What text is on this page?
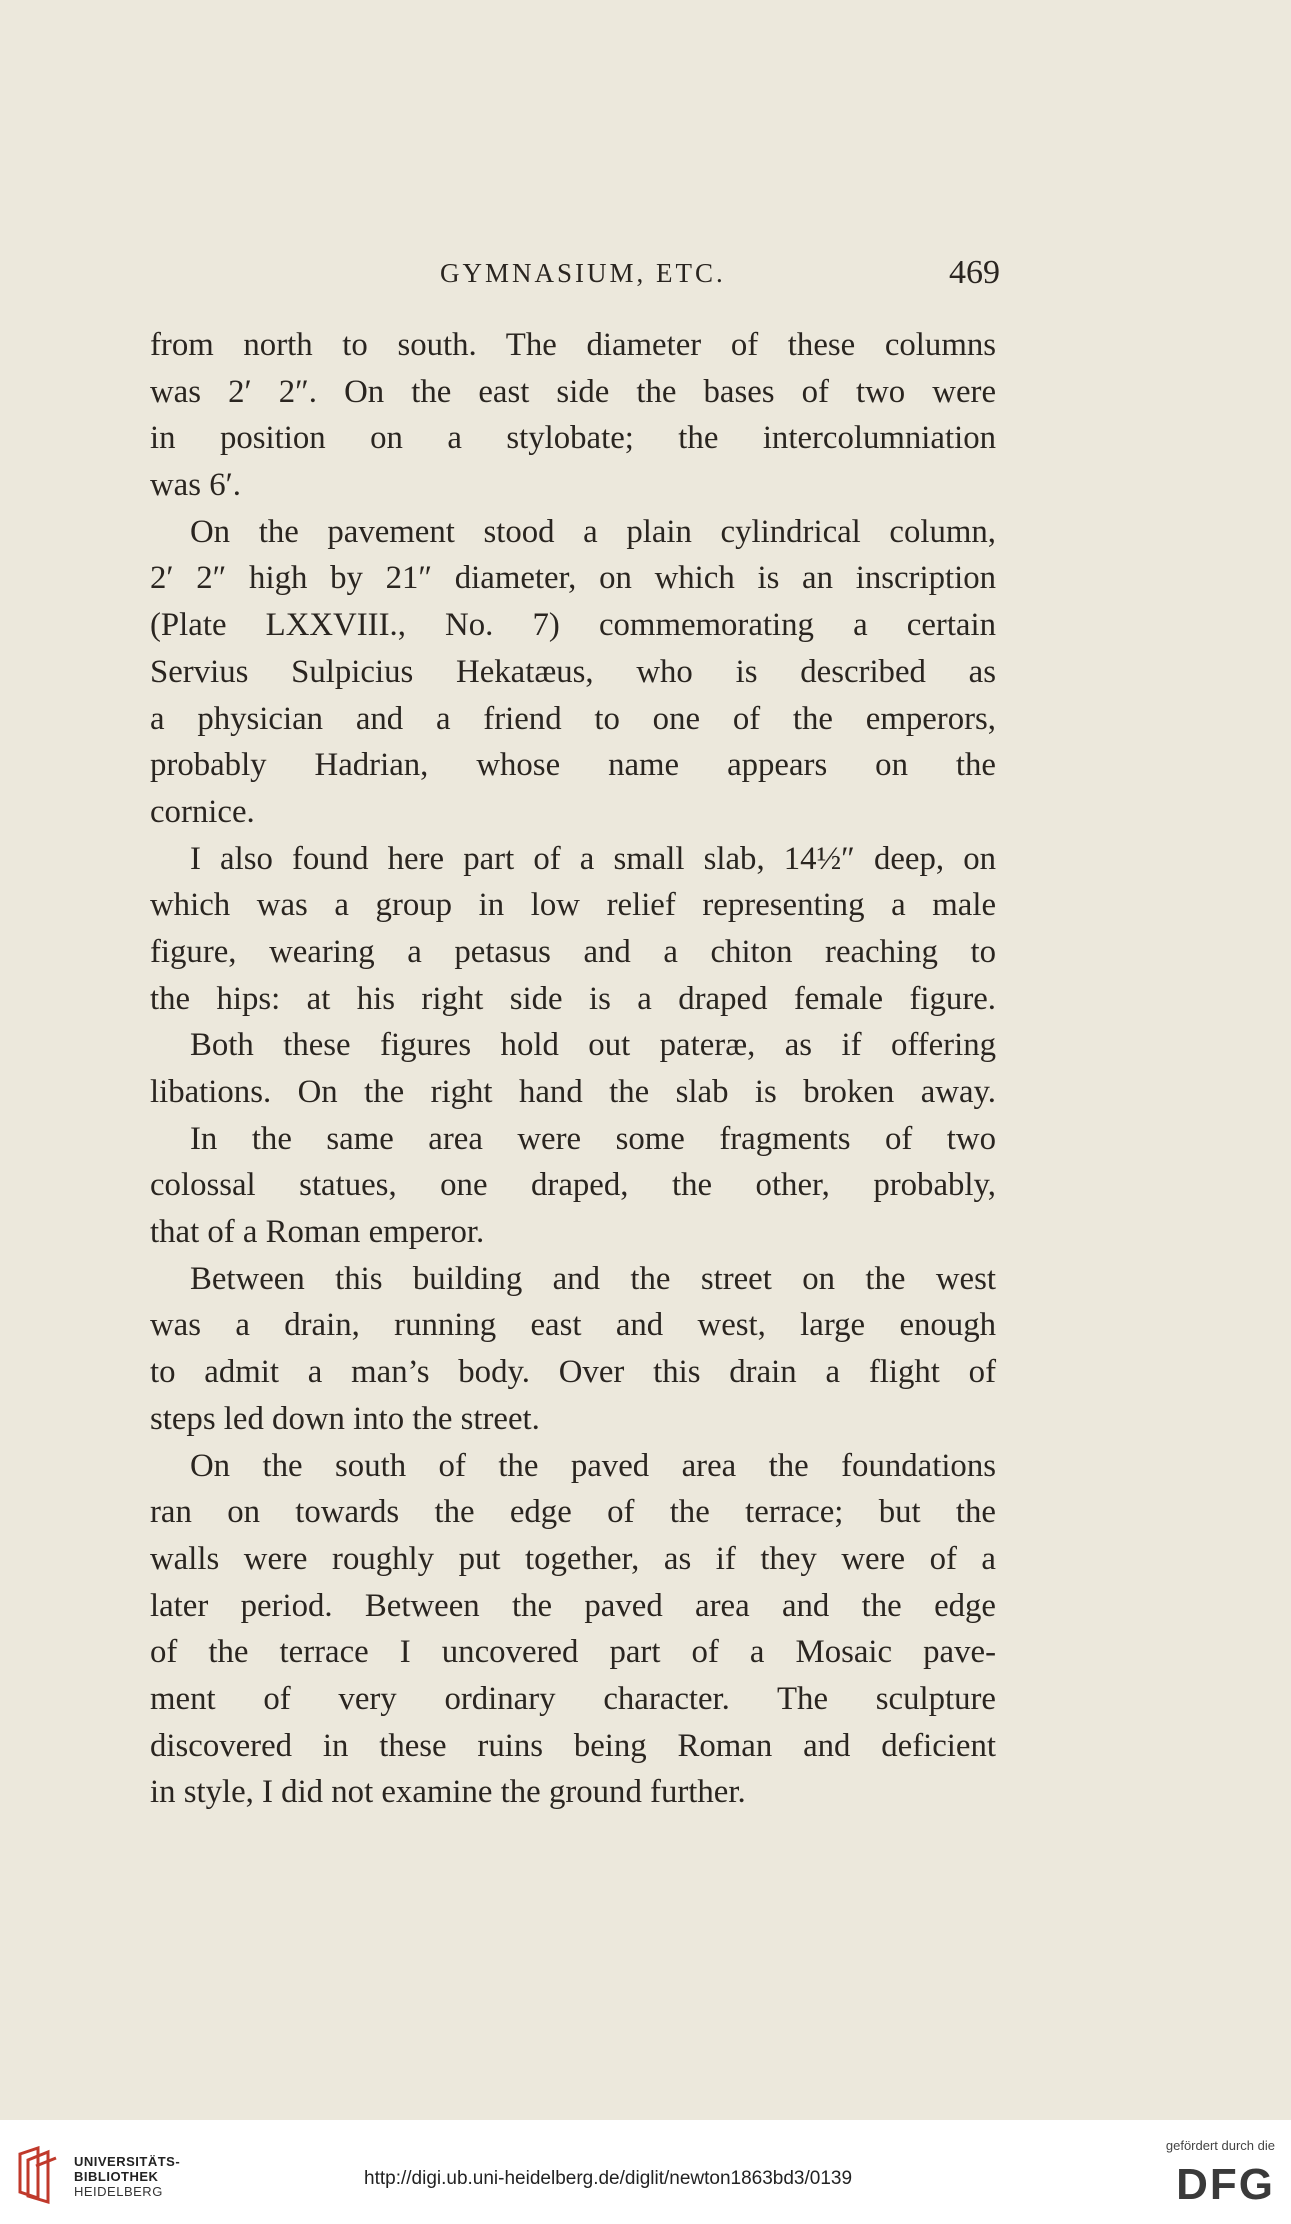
GYMNASIUM, ETC.	469
from north to south. The diameter of these columns
was 2′ 2″. On the east side the bases of two were
in position on a stylobate; the intercolumniation
was 6′.
On the pavement stood a plain cylindrical column,
2′ 2″ high by 21″ diameter, on which is an inscription
(Plate LXXVIII., No. 7) commemorating a certain
Servius Sulpicius Hekatæus, who is described as
a physician and a friend to one of the emperors,
probably Hadrian, whose name appears on the
cornice.
I also found here part of a small slab, 14½″ deep, on
which was a group in low relief representing a male
figure, wearing a petasus and a chiton reaching to
the hips: at his right side is a draped female figure.
Both these figures hold out pateræ, as if offering
libations. On the right hand the slab is broken away.
In the same area were some fragments of two
colossal statues, one draped, the other, probably,
that of a Roman emperor.
Between this building and the street on the west
was a drain, running east and west, large enough
to admit a man’s body. Over this drain a flight of
steps led down into the street.
On the south of the paved area the foundations
ran on towards the edge of the terrace; but the
walls were roughly put together, as if they were of a
later period. Between the paved area and the edge
of the terrace I uncovered part of a Mosaic pave-
ment of very ordinary character. The sculpture
discovered in these ruins being Roman and deficient
in style, I did not examine the ground further.
UNIVERSITÄTS-
BIBLIOTHEK
HEIDELBERG
http://digi.ub.uni-heidelberg.de/diglit/newton1863bd3/0139
gefördert durch die
DFG
